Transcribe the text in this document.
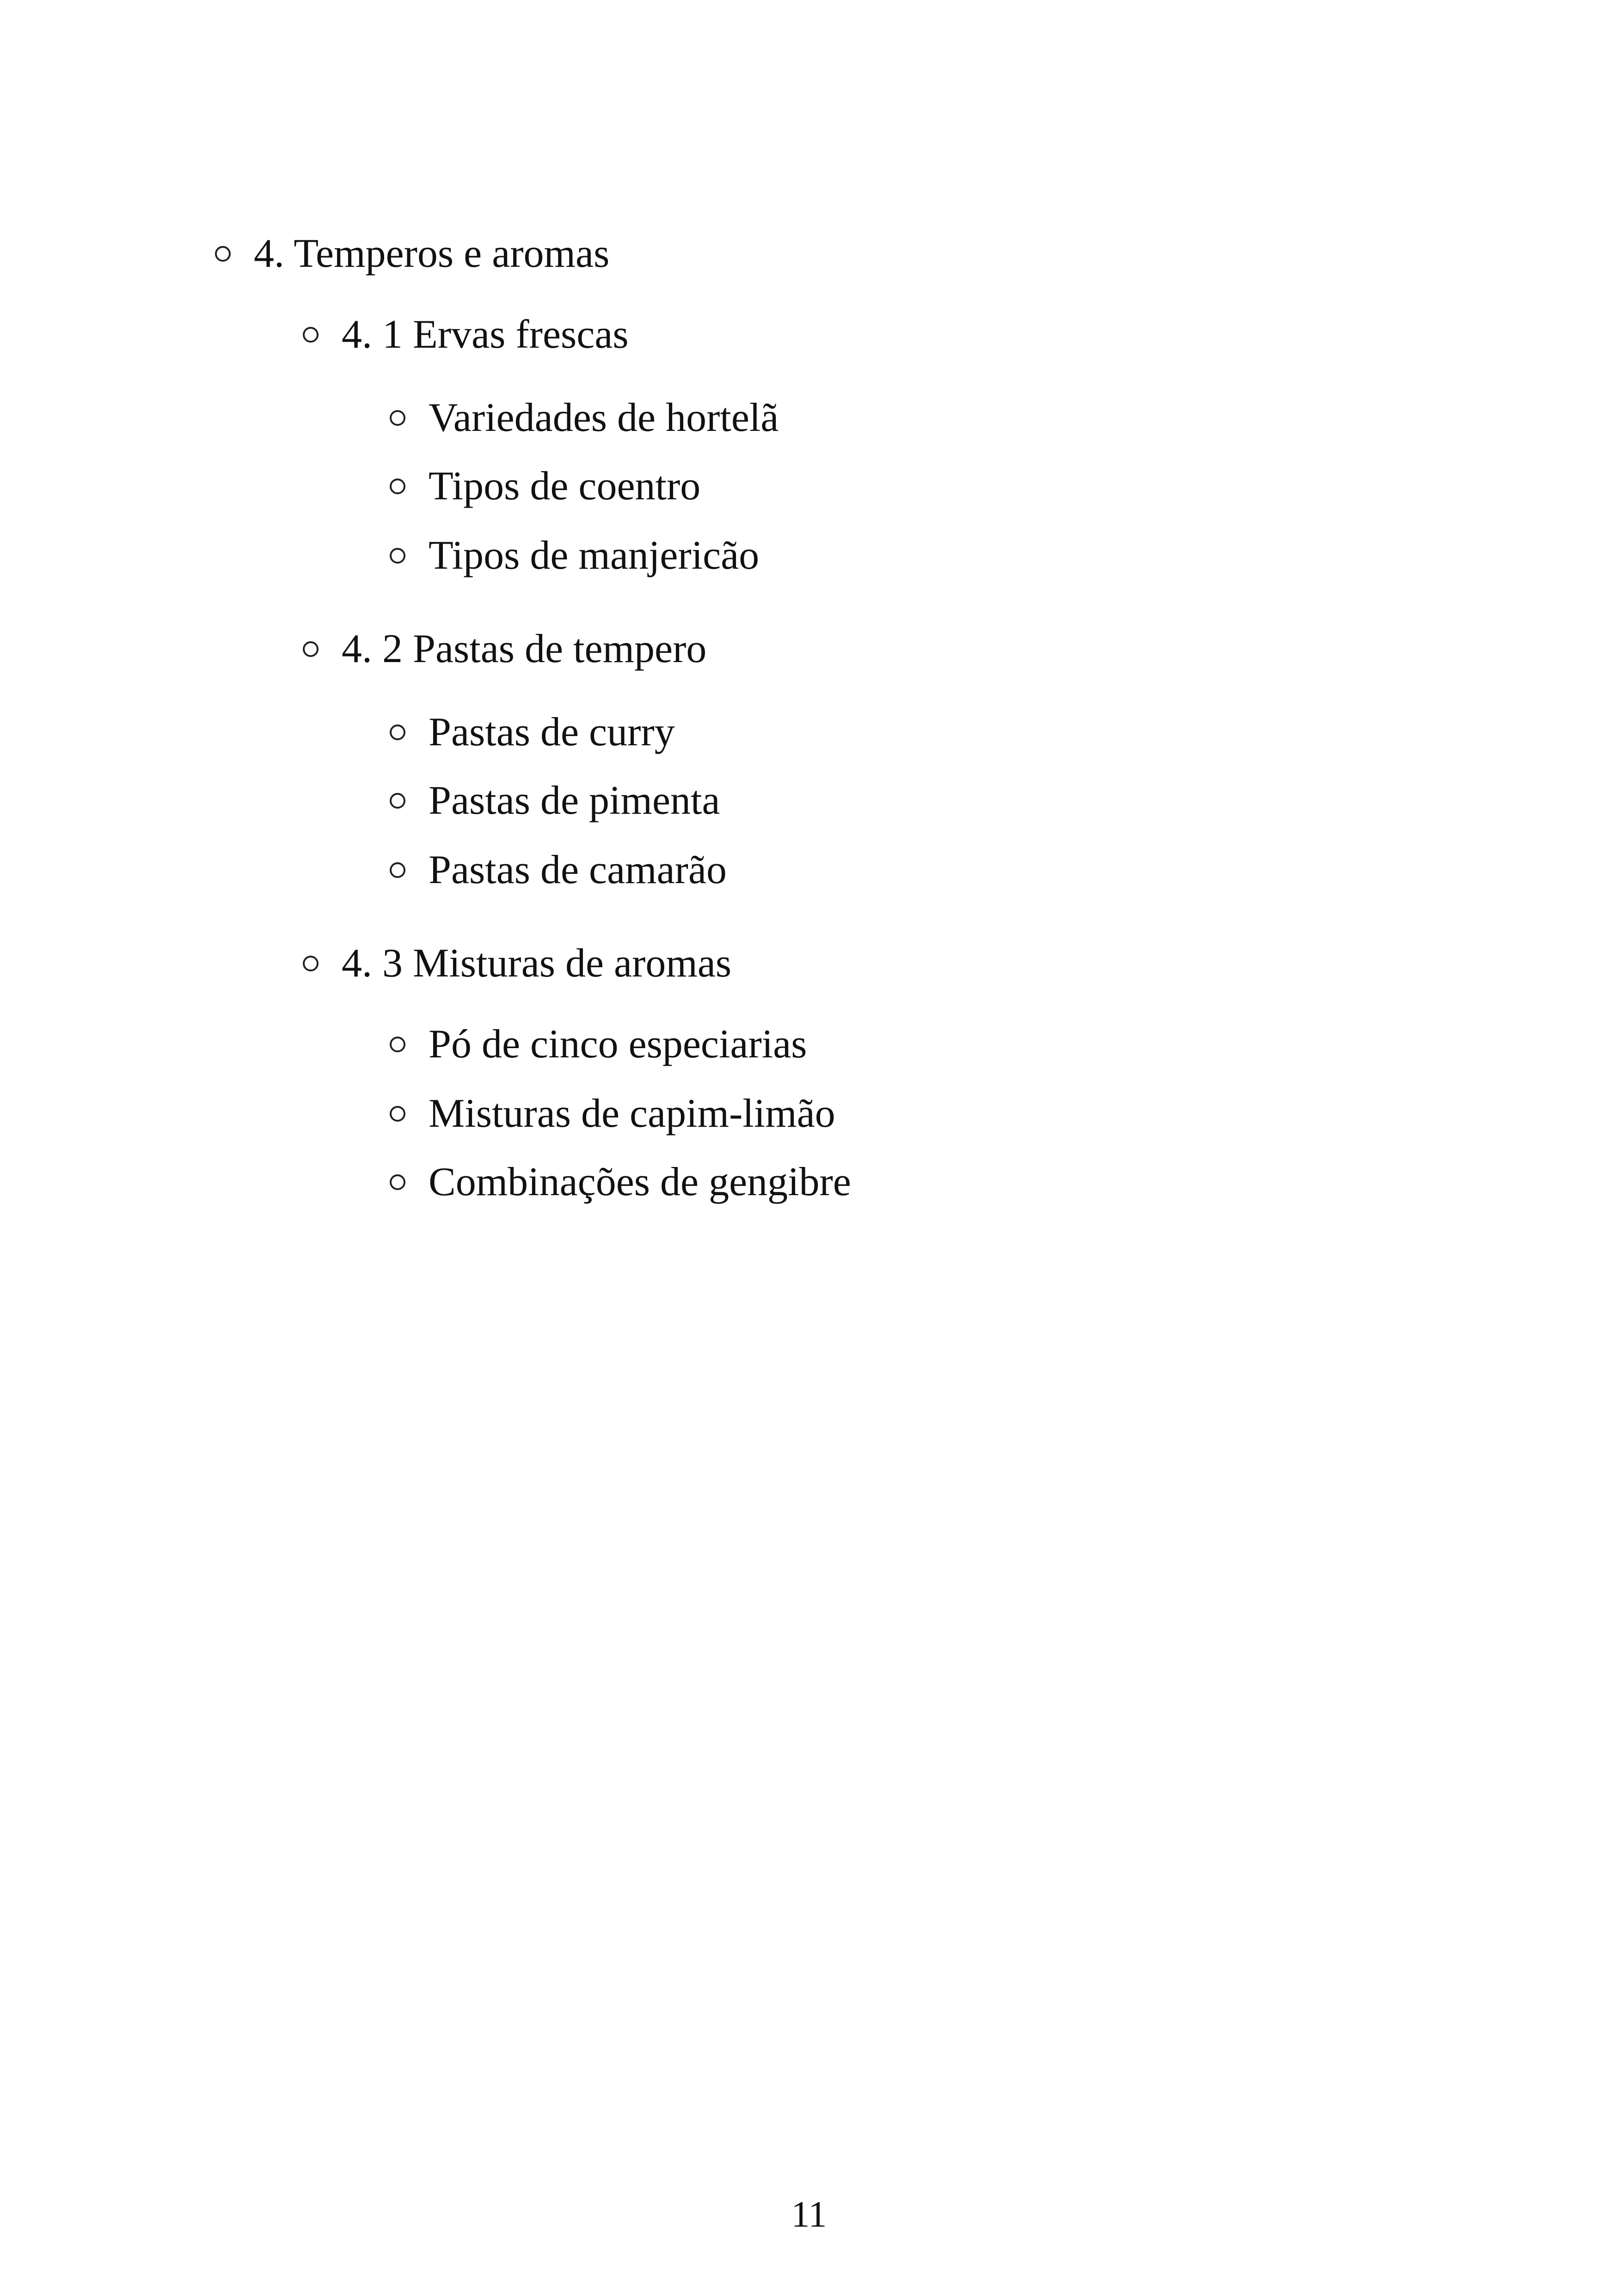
4. Temperos e aromas
4. 1 Ervas frescas
Variedades de hortelã
Tipos de coentro
Tipos de manjericão
4. 2 Pastas de tempero
Pastas de curry
Pastas de pimenta
Pastas de camarão
4. 3 Misturas de aromas
Pó de cinco especiarias
Misturas de capim-limão
Combinações de gengibre
11
